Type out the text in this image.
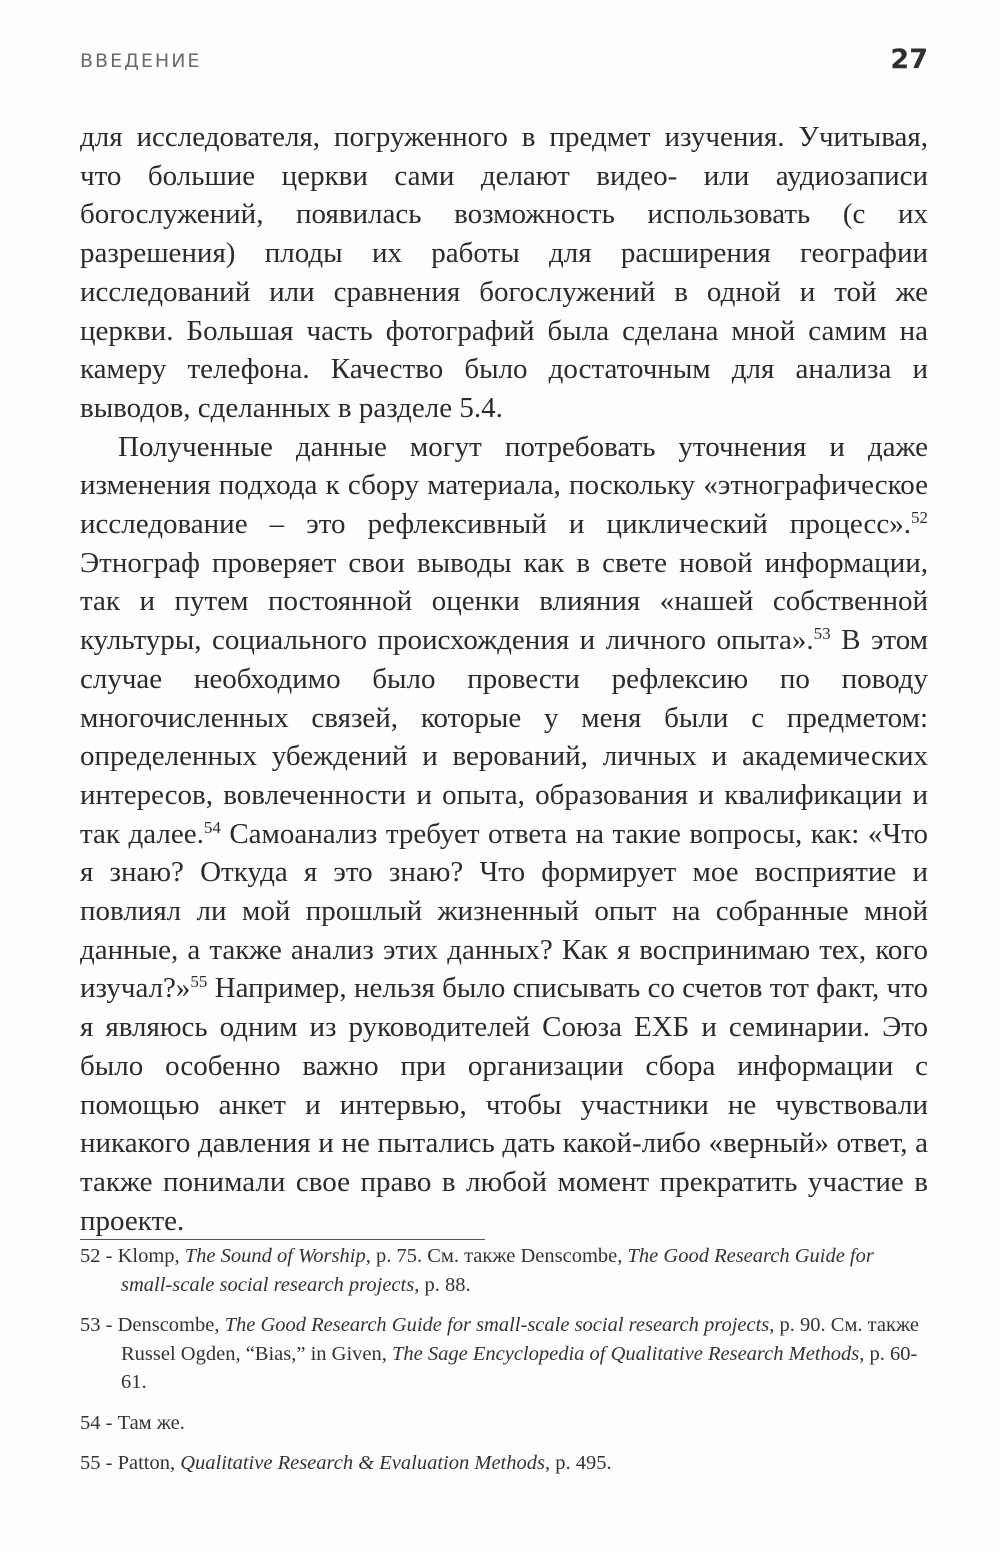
ВВЕДЕНИЕ	27

для исследователя, погруженного в предмет изучения. Учитывая, что большие церкви сами делают видео- или аудиозаписи богослужений, появилась возможность использовать (с их разрешения) плоды их работы для расширения географии исследований или сравнения богослужений в одной и той же церкви. Большая часть фотографий была сделана мной самим на камеру телефона. Качество было достаточным для анализа и выводов, сделанных в разделе 5.4.

Полученные данные могут потребовать уточнения и даже изменения подхода к сбору материала, поскольку «этнографическое исследование – это рефлексивный и циклический процесс».$^{52}$ Этнограф проверяет свои выводы как в свете новой информации, так и путем постоянной оценки влияния «нашей собственной культуры, социального происхождения и личного опыта».$^{53}$ В этом случае необходимо было провести рефлексию по поводу многочисленных связей, которые у меня были с предметом: определенных убеждений и верований, личных и академических интересов, вовлеченности и опыта, образования и квалификации и так далее.$^{54}$ Самоанализ требует ответа на такие вопросы, как: «Что я знаю? Откуда я это знаю? Что формирует мое восприятие и повлиял ли мой прошлый жизненный опыт на собранные мной данные, а также анализ этих данных? Как я воспринимаю тех, кого изучал?»$^{55}$ Например, нельзя было списывать со счетов тот факт, что я являюсь одним из руководителей Союза ЕХБ и семинарии. Это было особенно важно при организации сбора информации с помощью анкет и интервью, чтобы участники не чувствовали никакого давления и не пытались дать какой-либо «верный» ответ, а также понимали свое право в любой момент прекратить участие в проекте.

52 - Klomp, The Sound of Worship, p. 75. См. также Denscombe, The Good Research Guide for small-scale social research projects, p. 88.
53 - Denscombe, The Good Research Guide for small-scale social research projects, p. 90. См. также Russel Ogden, “Bias,” in Given, The Sage Encyclopedia of Qualitative Research Methods, p. 60-61.
54 - Там же.
55 - Patton, Qualitative Research & Evaluation Methods, p. 495.
